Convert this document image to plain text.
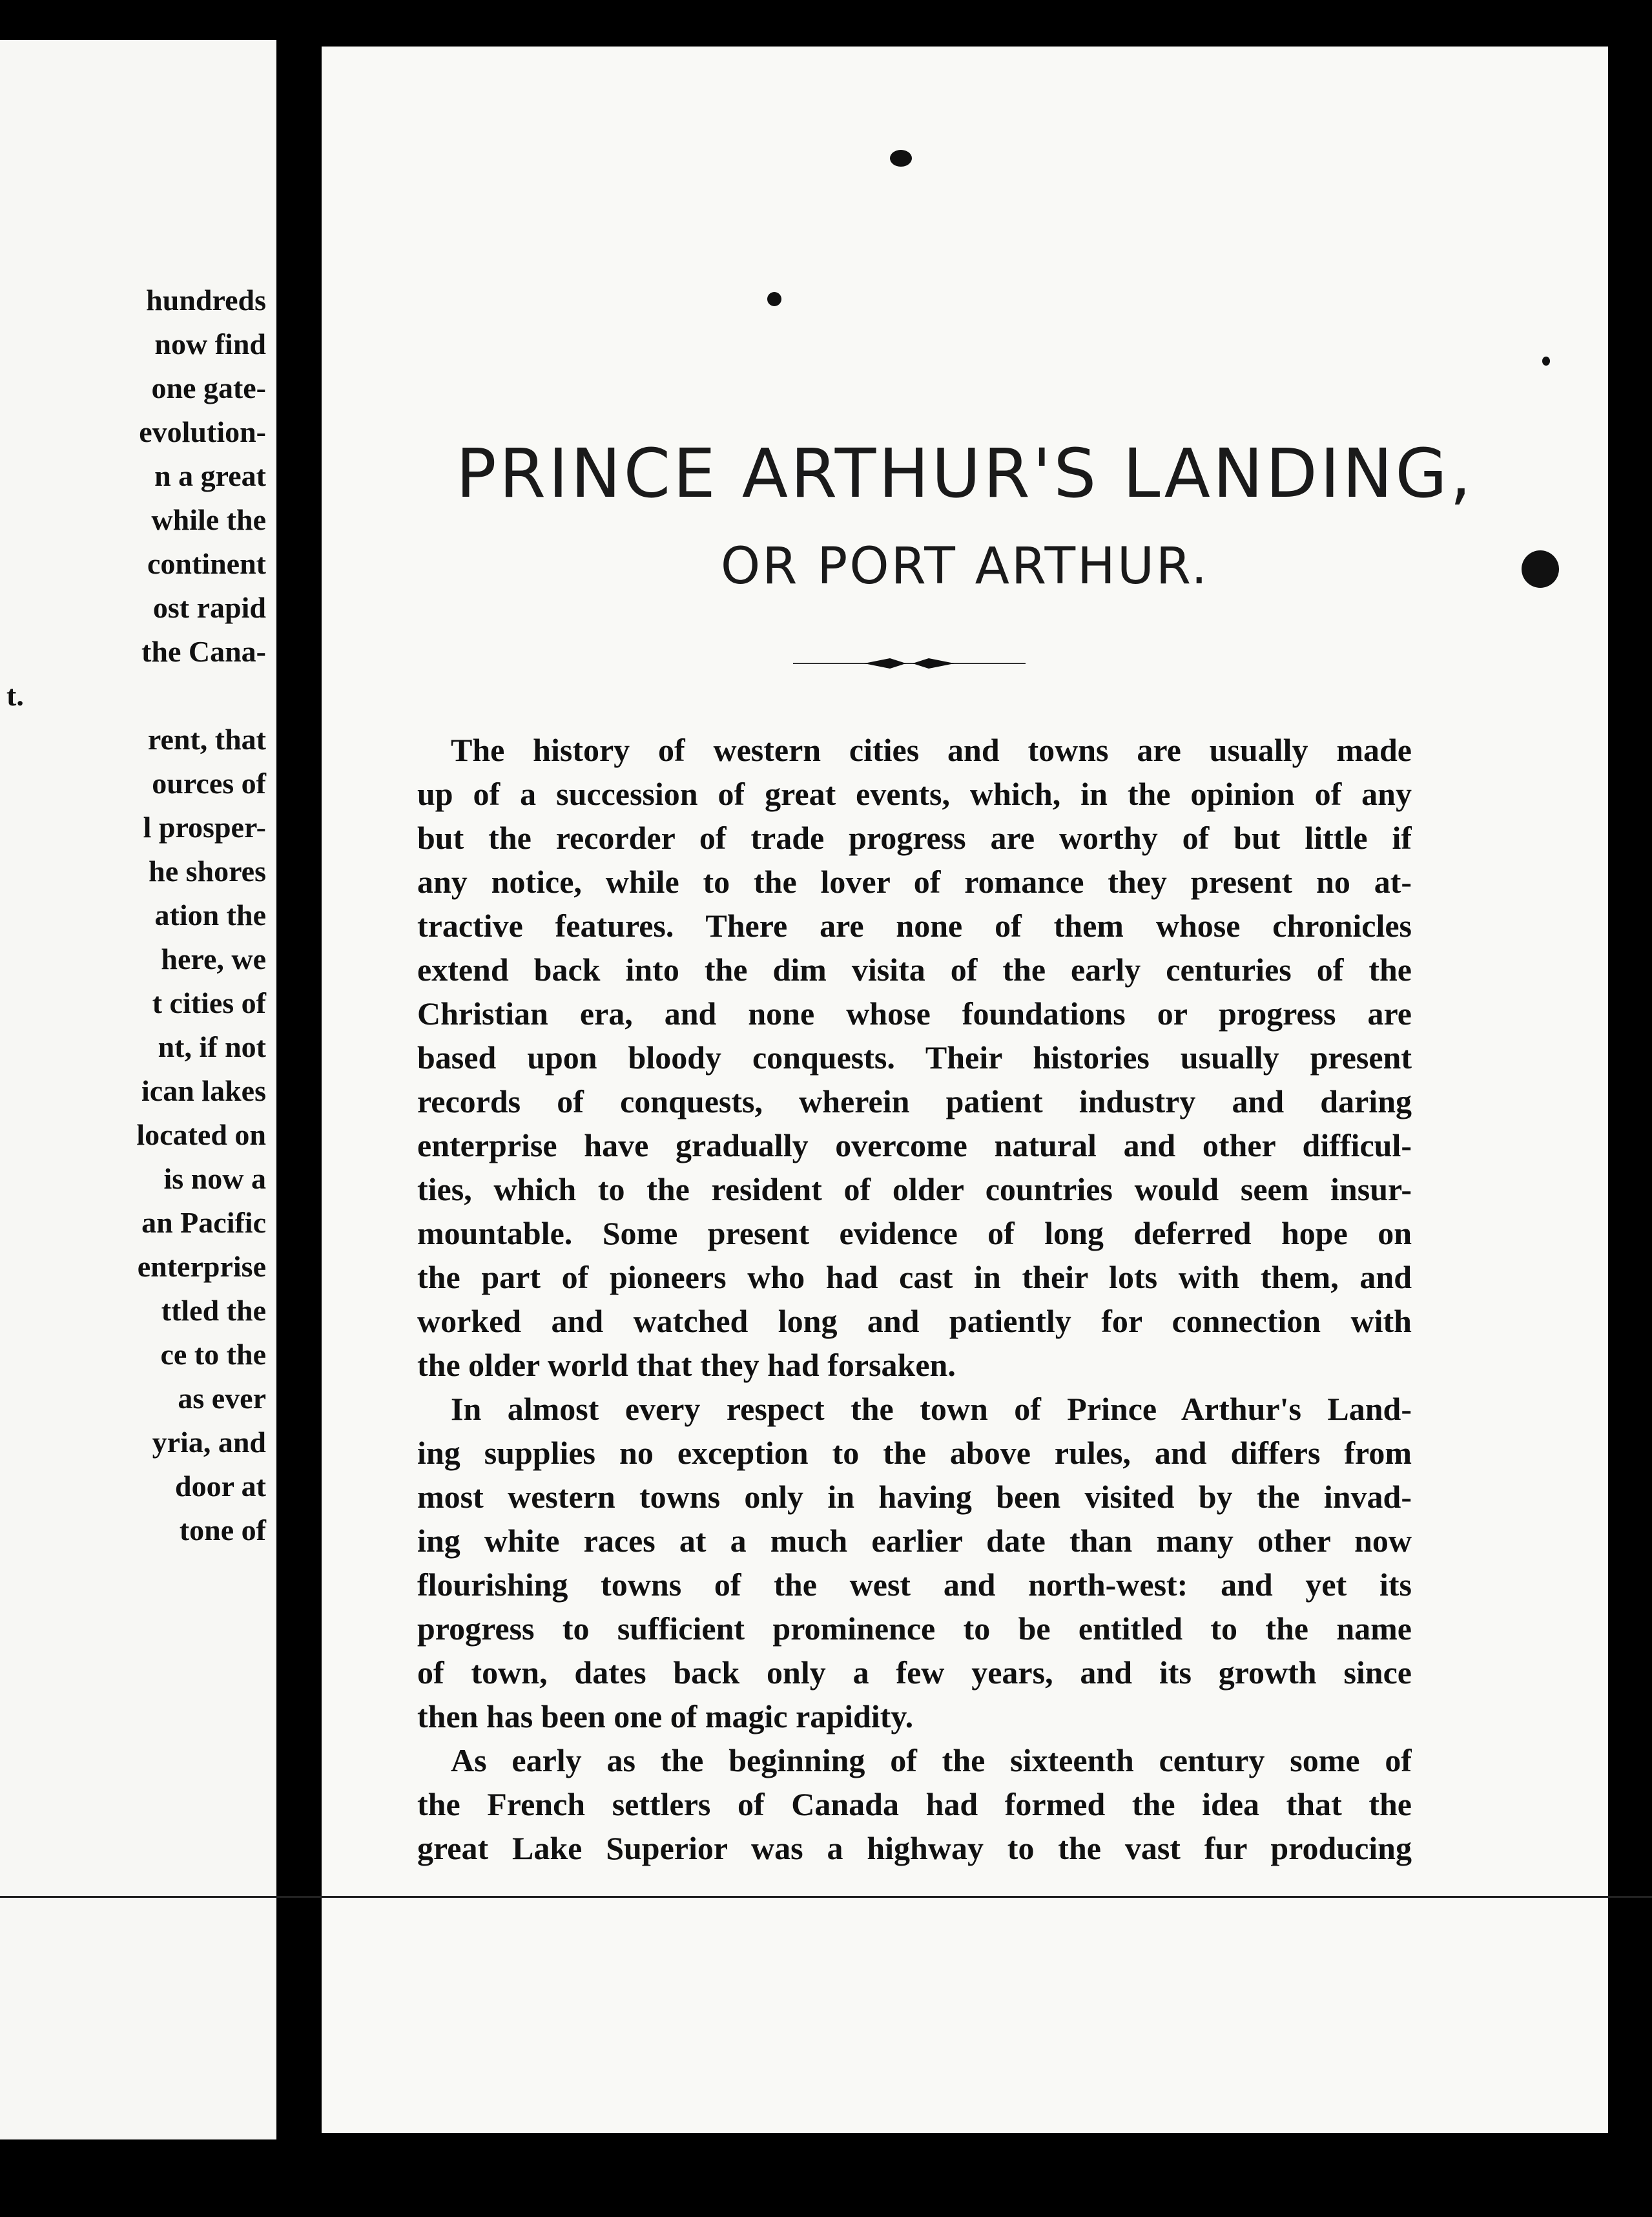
hundreds
now find
one gate-
evolution-
n a great
while the
continent
ost rapid
the Cana-
t.
rent, that
ources of
l prosper-
he shores
ation the
here, we
t cities of
nt, if not
ican lakes
located on
is now a
an Pacific
enterprise
ttled the
ce to the
as ever
yria, and
door at
tone of
PRINCE ARTHUR'S LANDING,
OR PORT ARTHUR.
The history of western cities and towns are usually made
up of a succession of great events, which, in the opinion of any
but the recorder of trade progress are worthy of but little if
any notice, while to the lover of romance they present no at-
tractive features. There are none of them whose chronicles
extend back into the dim visita of the early centuries of the
Christian era, and none whose foundations or progress are
based upon bloody conquests. Their histories usually present
records of conquests, wherein patient industry and daring
enterprise have gradually overcome natural and other difficul-
ties, which to the resident of older countries would seem insur-
mountable. Some present evidence of long deferred hope on
the part of pioneers who had cast in their lots with them, and
worked and watched long and patiently for connection with
the older world that they had forsaken.
In almost every respect the town of Prince Arthur's Land-
ing supplies no exception to the above rules, and differs from
most western towns only in having been visited by the invad-
ing white races at a much earlier date than many other now
flourishing towns of the west and north-west: and yet its
progress to sufficient prominence to be entitled to the name
of town, dates back only a few years, and its growth since
then has been one of magic rapidity.
As early as the beginning of the sixteenth century some of
the French settlers of Canada had formed the idea that the
great Lake Superior was a highway to the vast fur producing
